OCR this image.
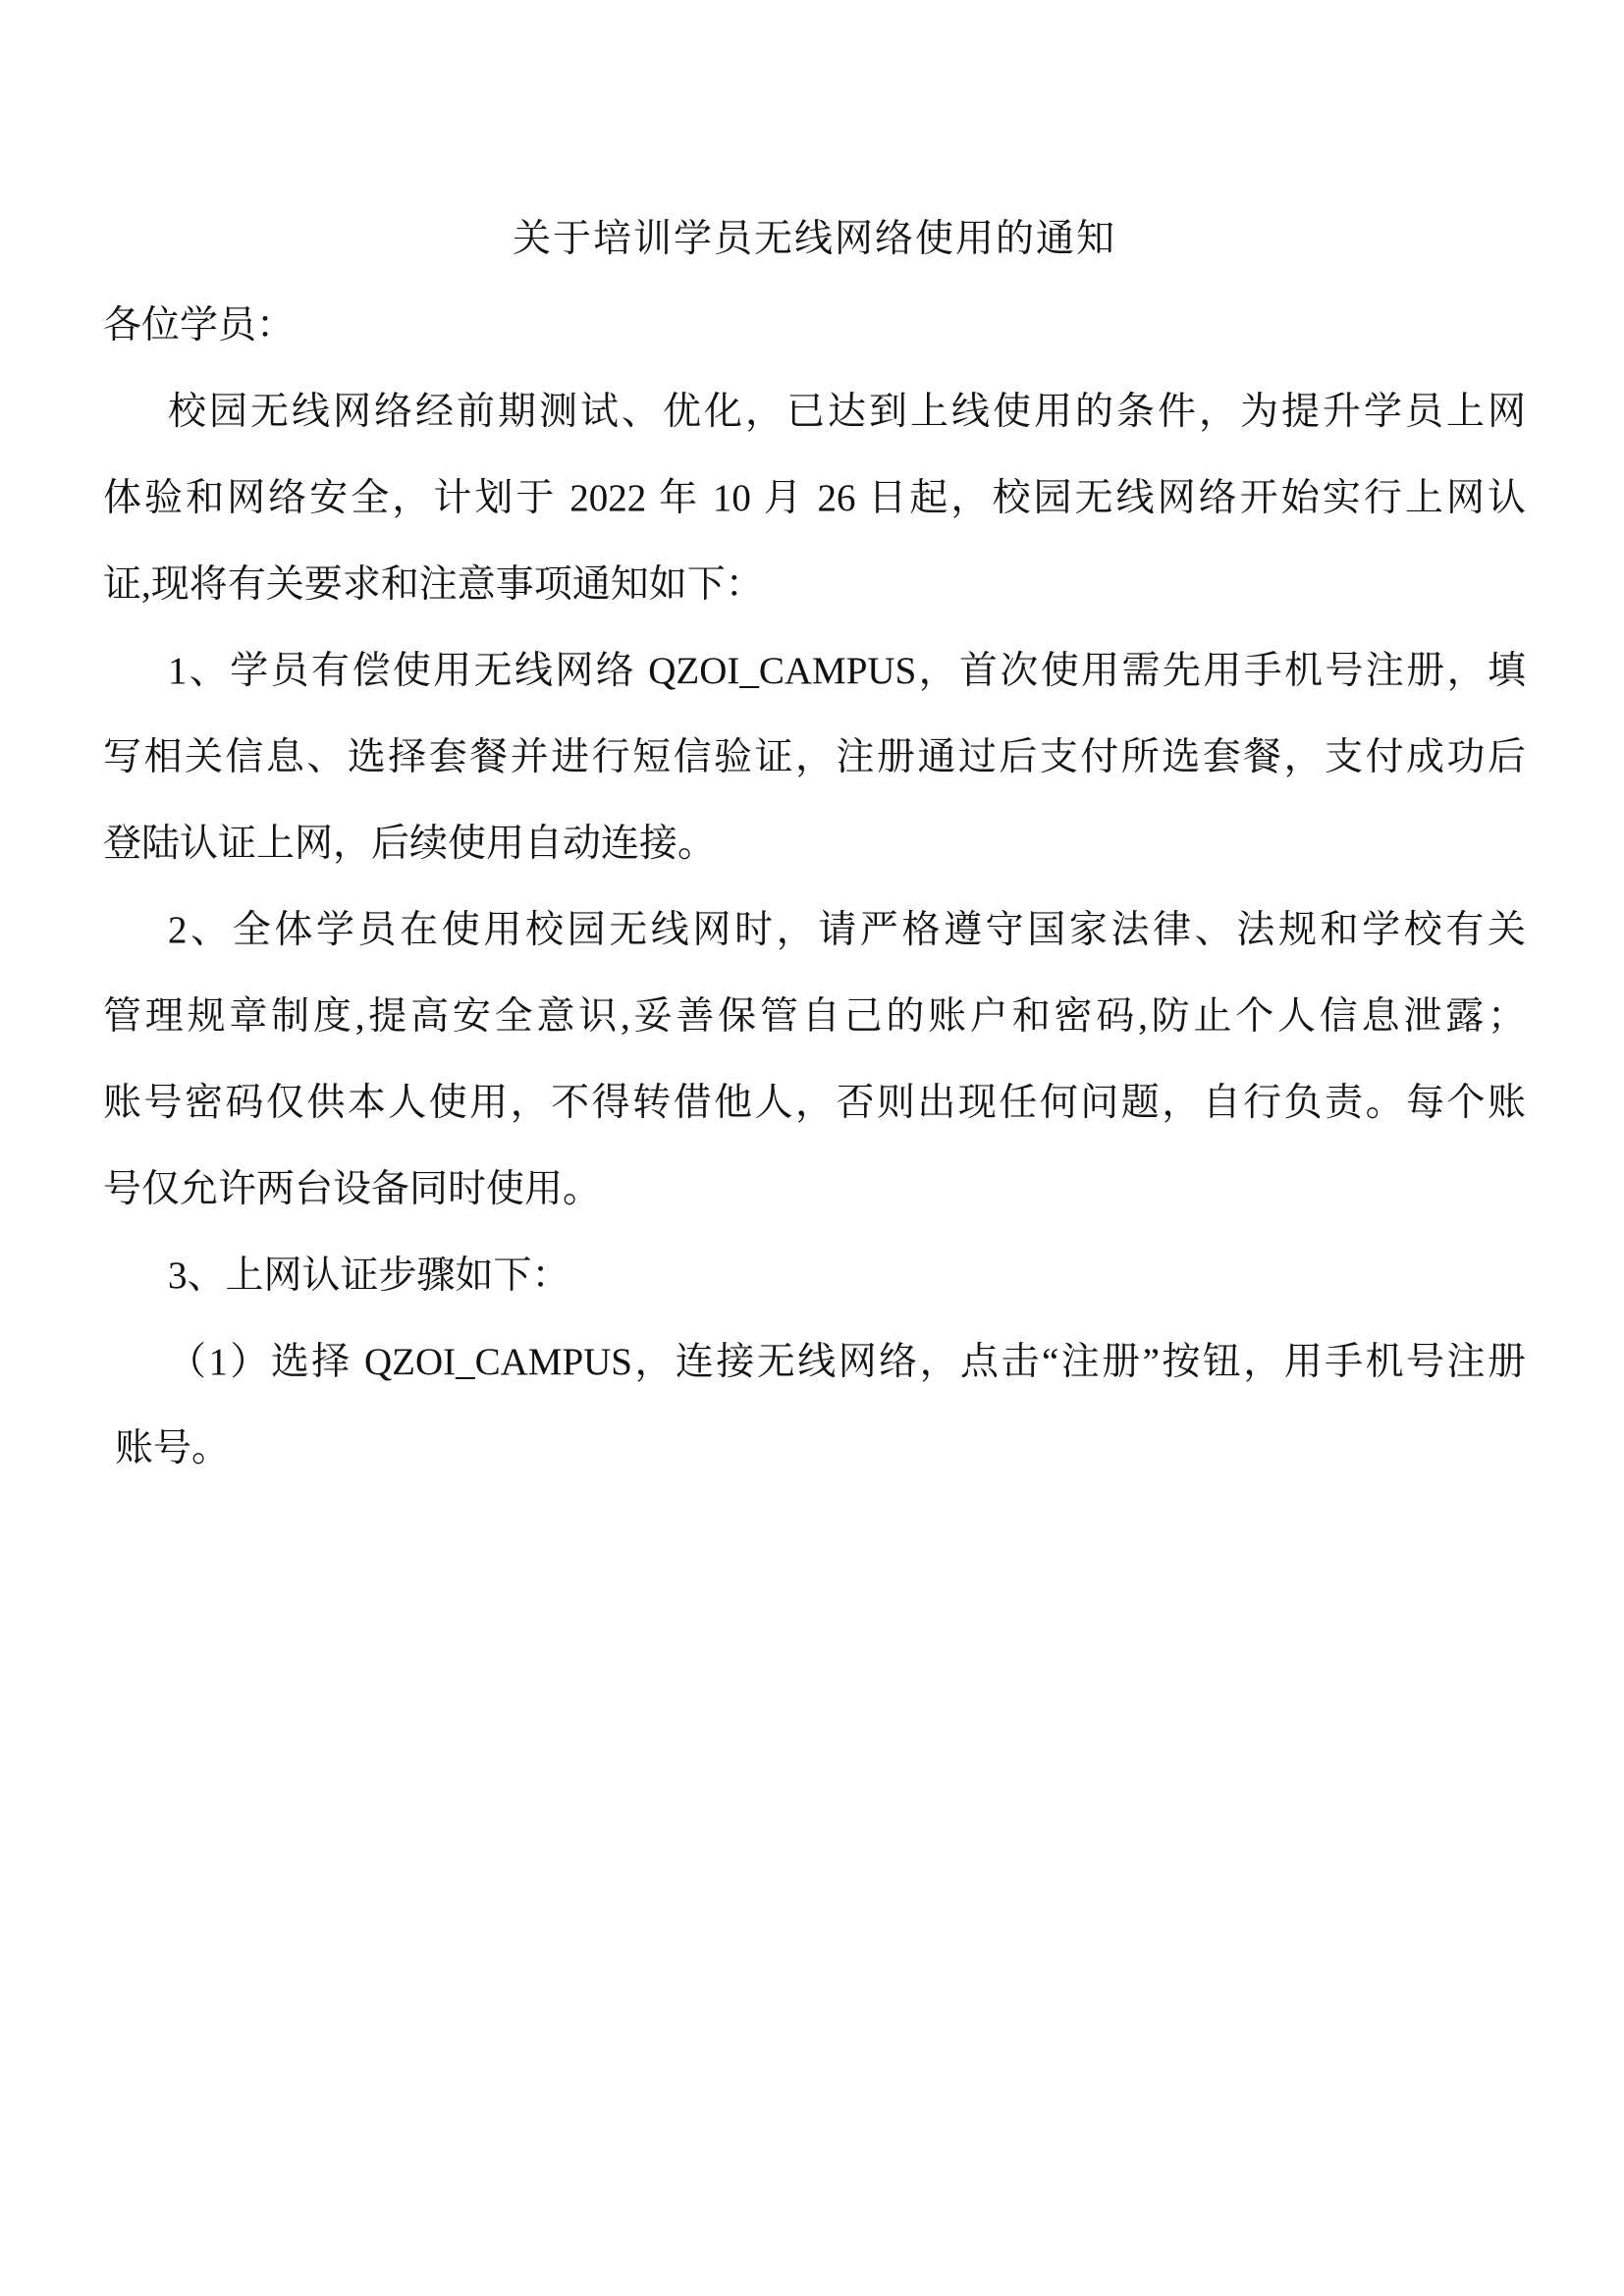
关于培训学员无线网络使用的通知
各位学员：
校园无线网络经前期测试、优化，已达到上线使用的条件，为提升学员上网
体验和网络安全，计划于 2022 年 10 月 26 日起，校园无线网络开始实行上网认
证,现将有关要求和注意事项通知如下：
1、学员有偿使用无线网络 QZOI_CAMPUS，首次使用需先用手机号注册，填
写相关信息、选择套餐并进行短信验证，注册通过后支付所选套餐，支付成功后
登陆认证上网，后续使用自动连接。
2、全体学员在使用校园无线网时，请严格遵守国家法律、法规和学校有关
管理规章制度,提高安全意识,妥善保管自己的账户和密码,防止个人信息泄露；
账号密码仅供本人使用，不得转借他人，否则出现任何问题，自行负责。每个账
号仅允许两台设备同时使用。
3、上网认证步骤如下：
（1）选择 QZOI_CAMPUS，连接无线网络，点击“注册”按钮，用手机号注册
账号。
